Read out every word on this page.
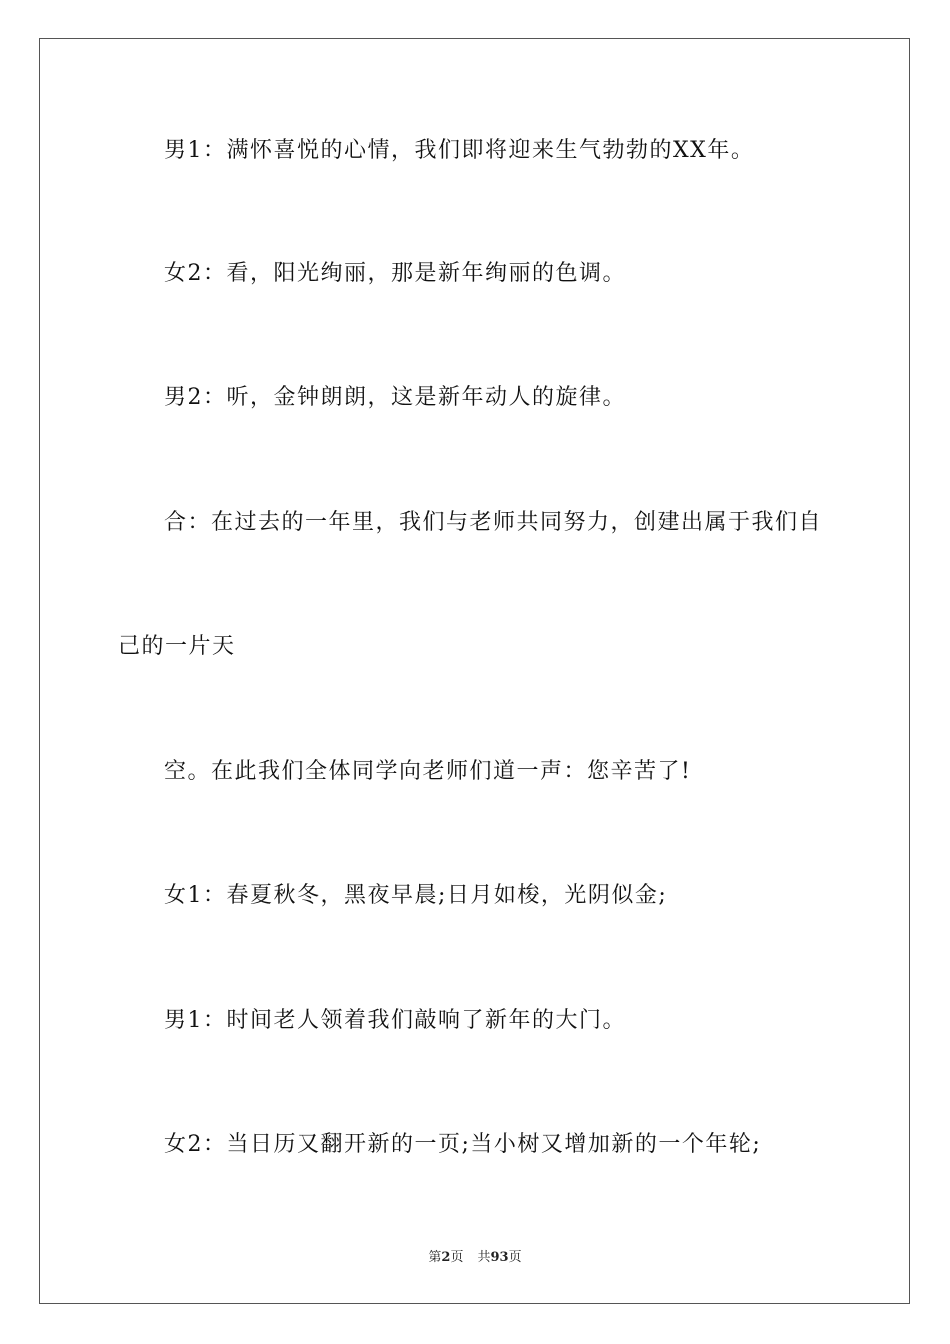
男1：满怀喜悦的心情，我们即将迎来生气勃勃的XX年。

女2：看，阳光绚丽，那是新年绚丽的色调。

男2：听，金钟朗朗，这是新年动人的旋律。

合：在过去的一年里，我们与老师共同努力，创建出属于我们自

己的一片天

空。在此我们全体同学向老师们道一声：您辛苦了!

女1：春夏秋冬，黑夜早晨;日月如梭，光阴似金;

男1：时间老人领着我们敲响了新年的大门。

女2：当日历又翻开新的一页;当小树又增加新的一个年轮;

第2页 共93页
